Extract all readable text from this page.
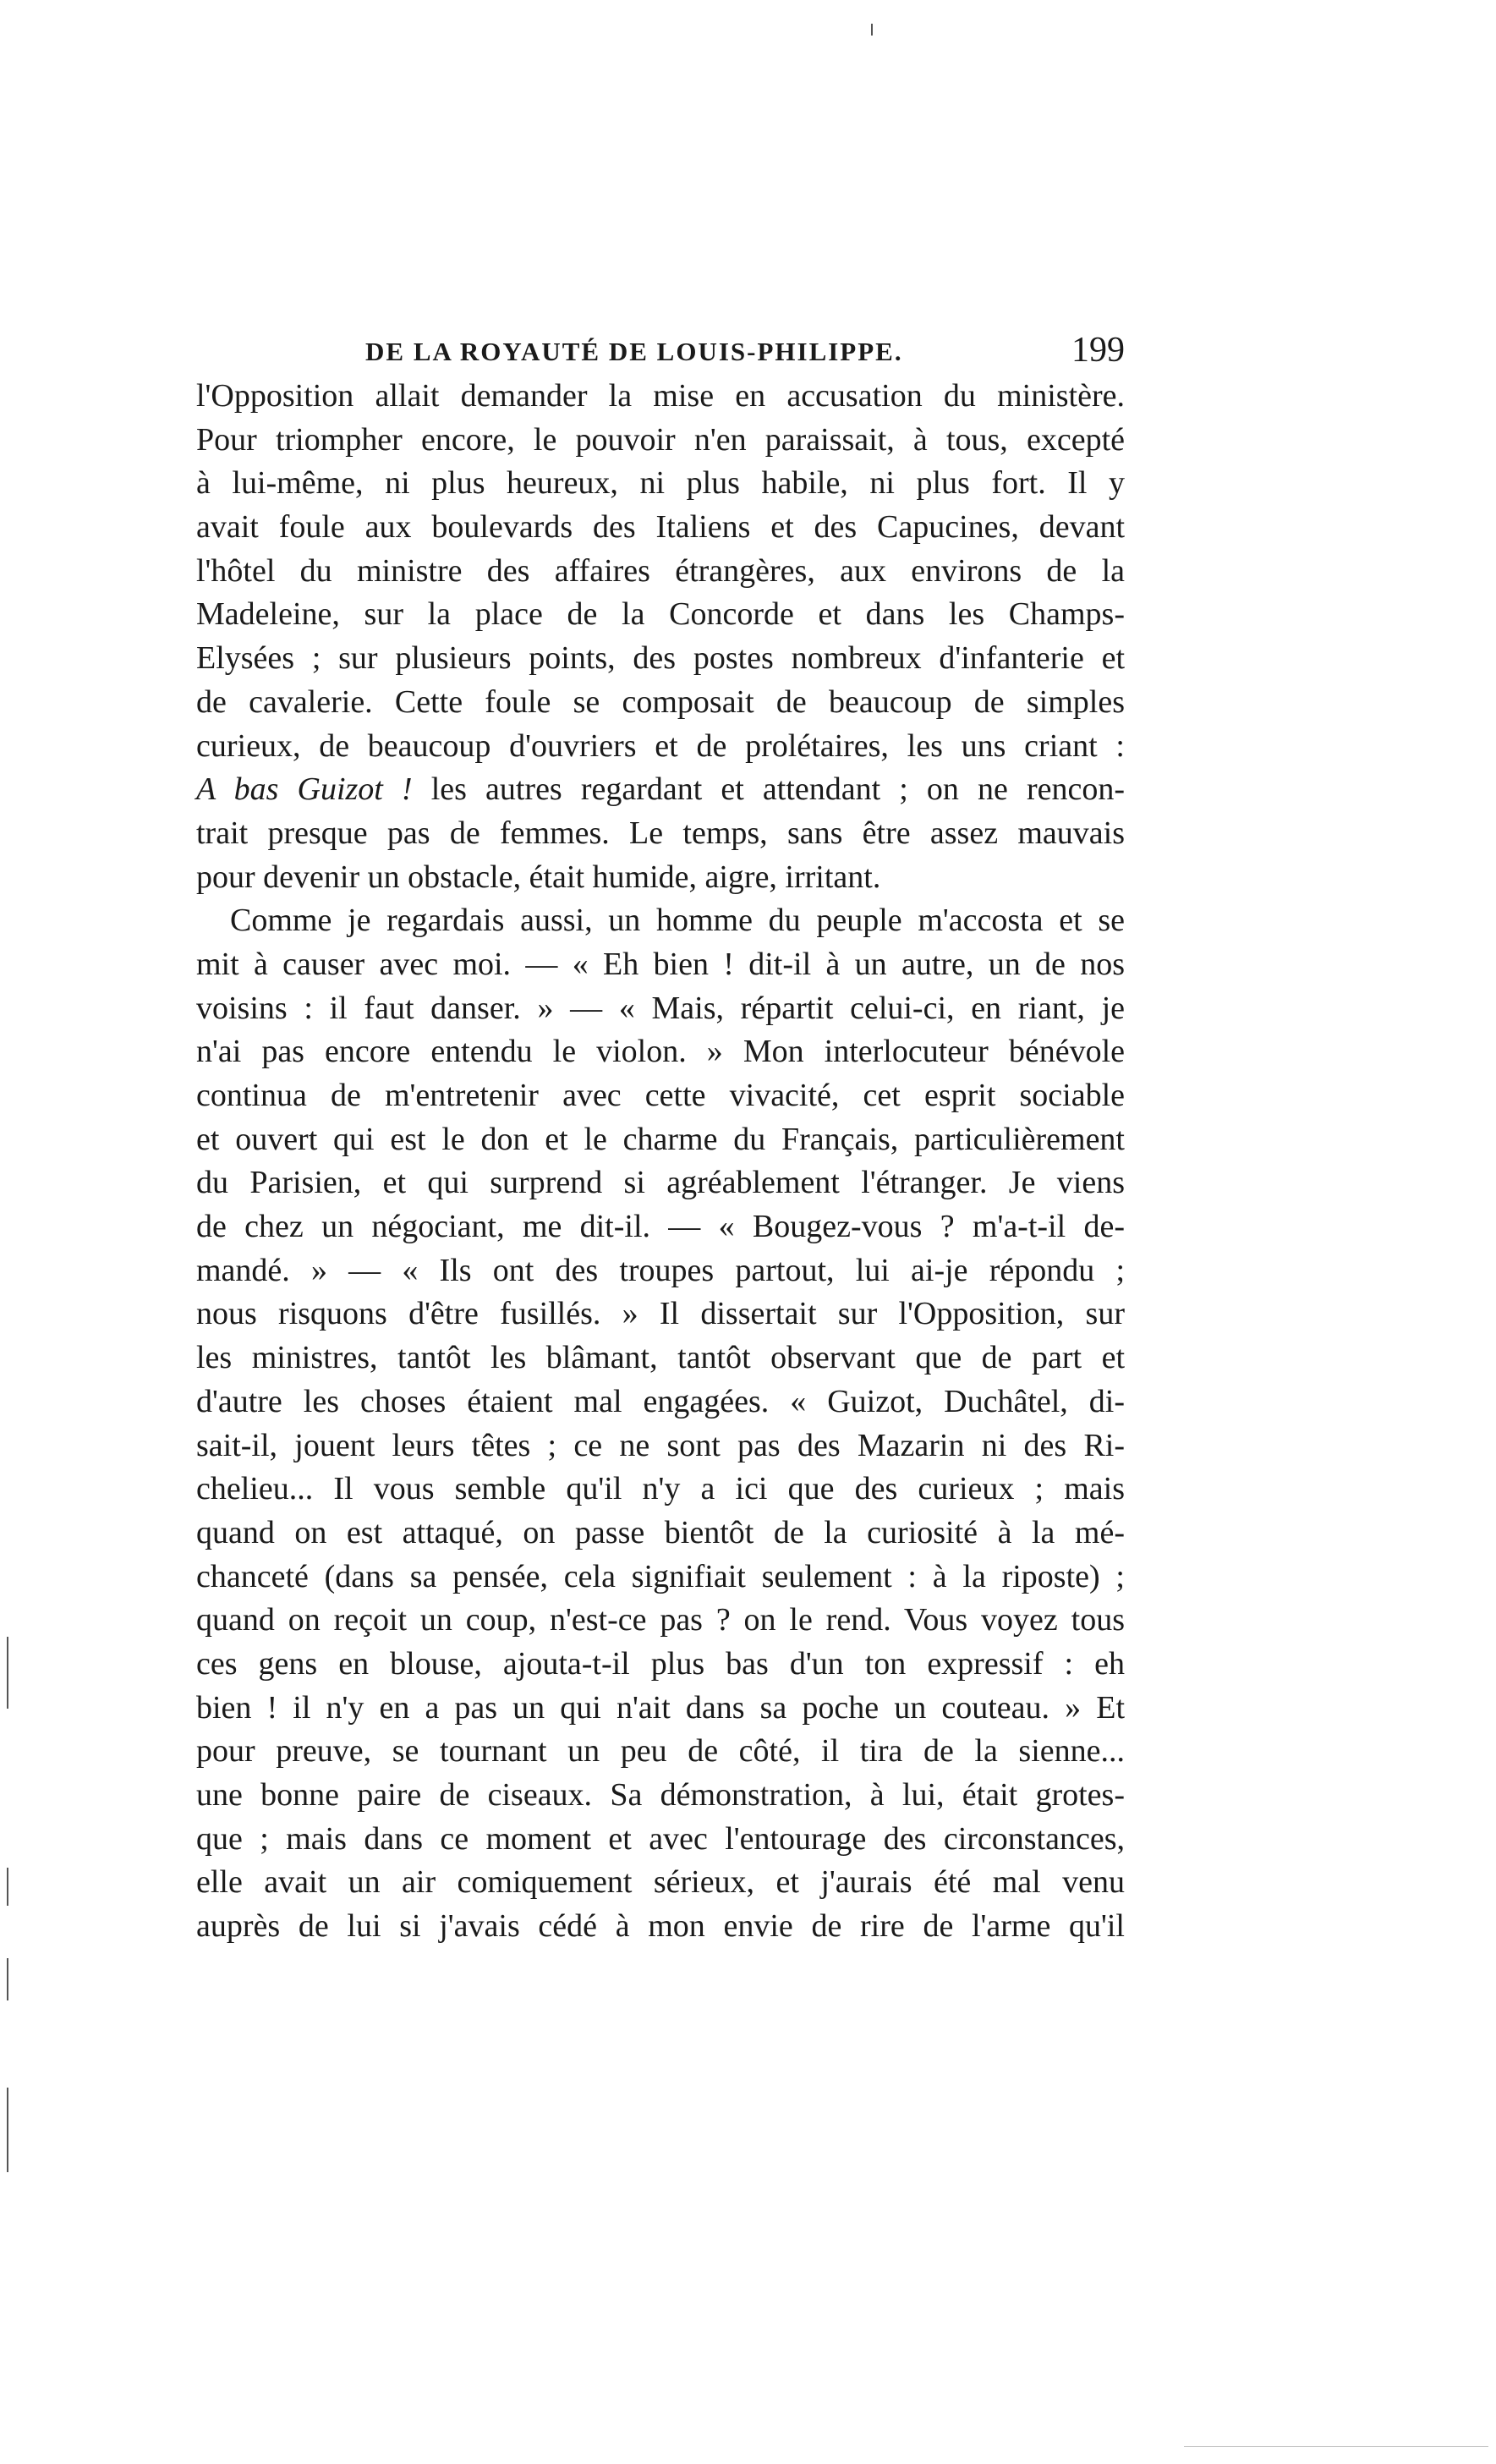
DE LA ROYAUTÉ DE LOUIS-PHILIPPE.	199
l'Opposition allait demander la mise en accusation du ministère.
Pour triompher encore, le pouvoir n'en paraissait, à tous, excepté
à lui-même, ni plus heureux, ni plus habile, ni plus fort. Il y
avait foule aux boulevards des Italiens et des Capucines, devant
l'hôtel du ministre des affaires étrangères, aux environs de la
Madeleine, sur la place de la Concorde et dans les Champs-
Elysées ; sur plusieurs points, des postes nombreux d'infanterie et
de cavalerie. Cette foule se composait de beaucoup de simples
curieux, de beaucoup d'ouvriers et de prolétaires, les uns criant :
A bas Guizot ! les autres regardant et attendant ; on ne rencon-
trait presque pas de femmes. Le temps, sans être assez mauvais
pour devenir un obstacle, était humide, aigre, irritant.
Comme je regardais aussi, un homme du peuple m'accosta et se
mit à causer avec moi. — « Eh bien ! dit-il à un autre, un de nos
voisins : il faut danser. » — « Mais, répartit celui-ci, en riant, je
n'ai pas encore entendu le violon. » Mon interlocuteur bénévole
continua de m'entretenir avec cette vivacité, cet esprit sociable
et ouvert qui est le don et le charme du Français, particulièrement
du Parisien, et qui surprend si agréablement l'étranger. Je viens
de chez un négociant, me dit-il. — « Bougez-vous ? m'a-t-il de-
mandé. » — « Ils ont des troupes partout, lui ai-je répondu ;
nous risquons d'être fusillés. » Il dissertait sur l'Opposition, sur
les ministres, tantôt les blâmant, tantôt observant que de part et
d'autre les choses étaient mal engagées. « Guizot, Duchâtel, di-
sait-il, jouent leurs têtes ; ce ne sont pas des Mazarin ni des Ri-
chelieu... Il vous semble qu'il n'y a ici que des curieux ; mais
quand on est attaqué, on passe bientôt de la curiosité à la mé-
chanceté (dans sa pensée, cela signifiait seulement : à la riposte) ;
quand on reçoit un coup, n'est-ce pas ? on le rend. Vous voyez tous
ces gens en blouse, ajouta-t-il plus bas d'un ton expressif : eh
bien ! il n'y en a pas un qui n'ait dans sa poche un couteau. » Et
pour preuve, se tournant un peu de côté, il tira de la sienne...
une bonne paire de ciseaux. Sa démonstration, à lui, était grotes-
que ; mais dans ce moment et avec l'entourage des circonstances,
elle avait un air comiquement sérieux, et j'aurais été mal venu
auprès de lui si j'avais cédé à mon envie de rire de l'arme qu'il
